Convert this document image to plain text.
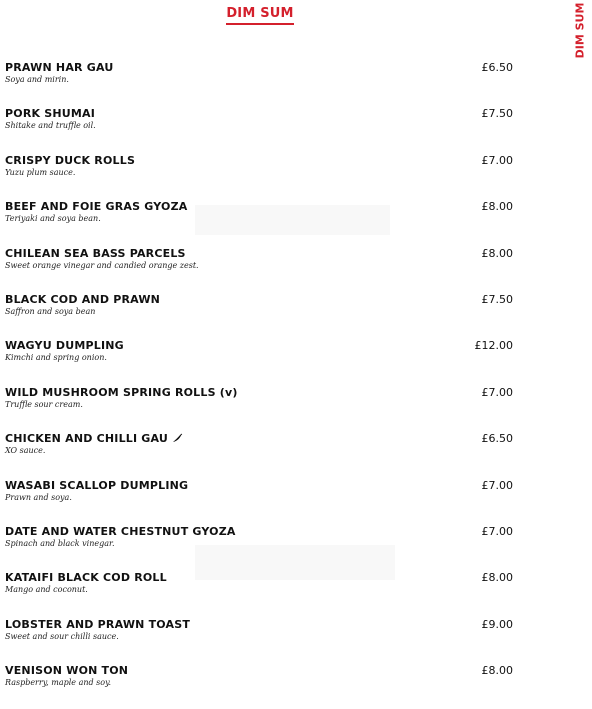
DIM SUM	DIM SUM
PRAWN HAR GAU
Soya and mirin.
£6.50
PORK SHUMAI
Shitake and truffle oil.
£7.50
CRISPY DUCK ROLLS
Yuzu plum sauce.
£7.00
BEEF AND FOIE GRAS GYOZA
Teriyaki and soya bean.
£8.00
CHILEAN SEA BASS PARCELS
Sweet orange vinegar and candied orange zest.
£8.00
BLACK COD AND PRAWN
Saffron and soya bean
£7.50
WAGYU DUMPLING
Kimchi and spring onion.
£12.00
WILD MUSHROOM SPRING ROLLS (v)
Truffle sour cream.
£7.00
CHICKEN AND CHILLI GAU
XO sauce.
£6.50
WASABI SCALLOP DUMPLING
Prawn and soya.
£7.00
DATE AND WATER CHESTNUT GYOZA
Spinach and black vinegar.
£7.00
KATAIFI BLACK COD ROLL
Mango and coconut.
£8.00
LOBSTER AND PRAWN TOAST
Sweet and sour chilli sauce.
£9.00
VENISON WON TON
Raspberry, maple and soy.
£8.00
